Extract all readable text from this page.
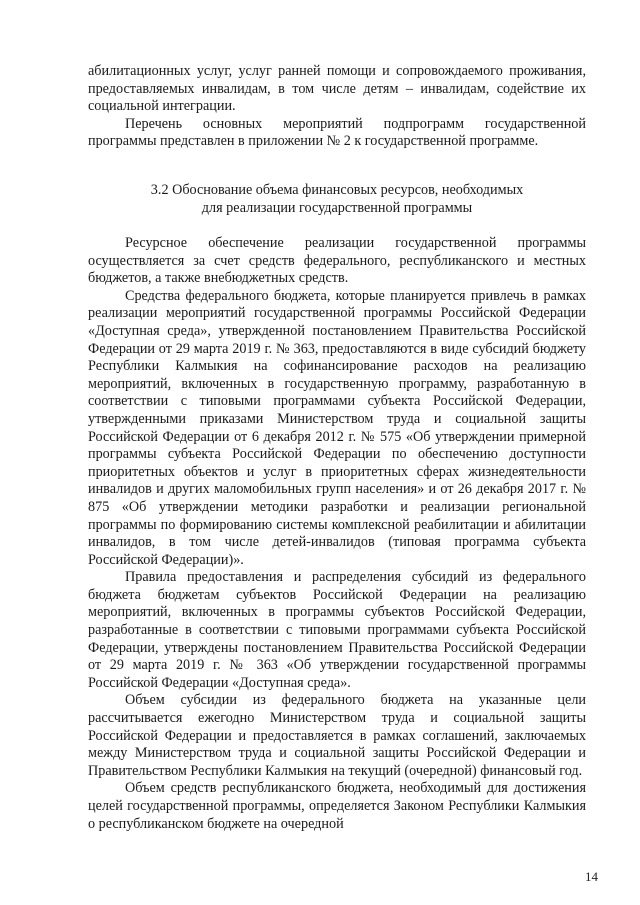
абилитационных услуг, услуг ранней помощи и сопровождаемого проживания, предоставляемых инвалидам, в том числе детям – инвалидам, содействие их социальной интеграции.

Перечень основных мероприятий подпрограмм государственной программы представлен в приложении № 2 к государственной программе.

3.2 Обоснование объема финансовых ресурсов, необходимых
для реализации государственной программы

Ресурсное обеспечение реализации государственной программы осуществляется за счет средств федерального, республиканского и местных бюджетов, а также внебюджетных средств.

Средства федерального бюджета, которые планируется привлечь в рамках реализации мероприятий государственной программы Российской Федерации «Доступная среда», утвержденной постановлением Правительства Российской Федерации от 29 марта 2019 г. № 363, предоставляются в виде субсидий бюджету Республики Калмыкия на софинансирование расходов на реализацию мероприятий, включенных в государственную программу, разработанную в соответствии с типовыми программами субъекта Российской Федерации, утвержденными приказами Министерством труда и социальной защиты Российской Федерации от 6 декабря 2012 г. № 575 «Об утверждении примерной программы субъекта Российской Федерации по обеспечению доступности приоритетных объектов и услуг в приоритетных сферах жизнедеятельности инвалидов и других маломобильных групп населения» и от 26 декабря 2017 г. № 875 «Об утверждении методики разработки и реализации региональной программы по формированию системы комплексной реабилитации и абилитации инвалидов, в том числе детей-инвалидов (типовая программа субъекта Российской Федерации)».

Правила предоставления и распределения субсидий из федерального бюджета бюджетам субъектов Российской Федерации на реализацию мероприятий, включенных в программы субъектов Российской Федерации, разработанные в соответствии с типовыми программами субъекта Российской Федерации, утверждены постановлением Правительства Российской Федерации от 29 марта 2019 г. № 363 «Об утверждении государственной программы Российской Федерации «Доступная среда».

Объем субсидии из федерального бюджета на указанные цели рассчитывается ежегодно Министерством труда и социальной защиты Российской Федерации и предоставляется в рамках соглашений, заключаемых между Министерством труда и социальной защиты Российской Федерации и Правительством Республики Калмыкия на текущий (очередной) финансовый год.

Объем средств республиканского бюджета, необходимый для достижения целей государственной программы, определяется Законом Республики Калмыкия о республиканском бюджете на очередной

14
